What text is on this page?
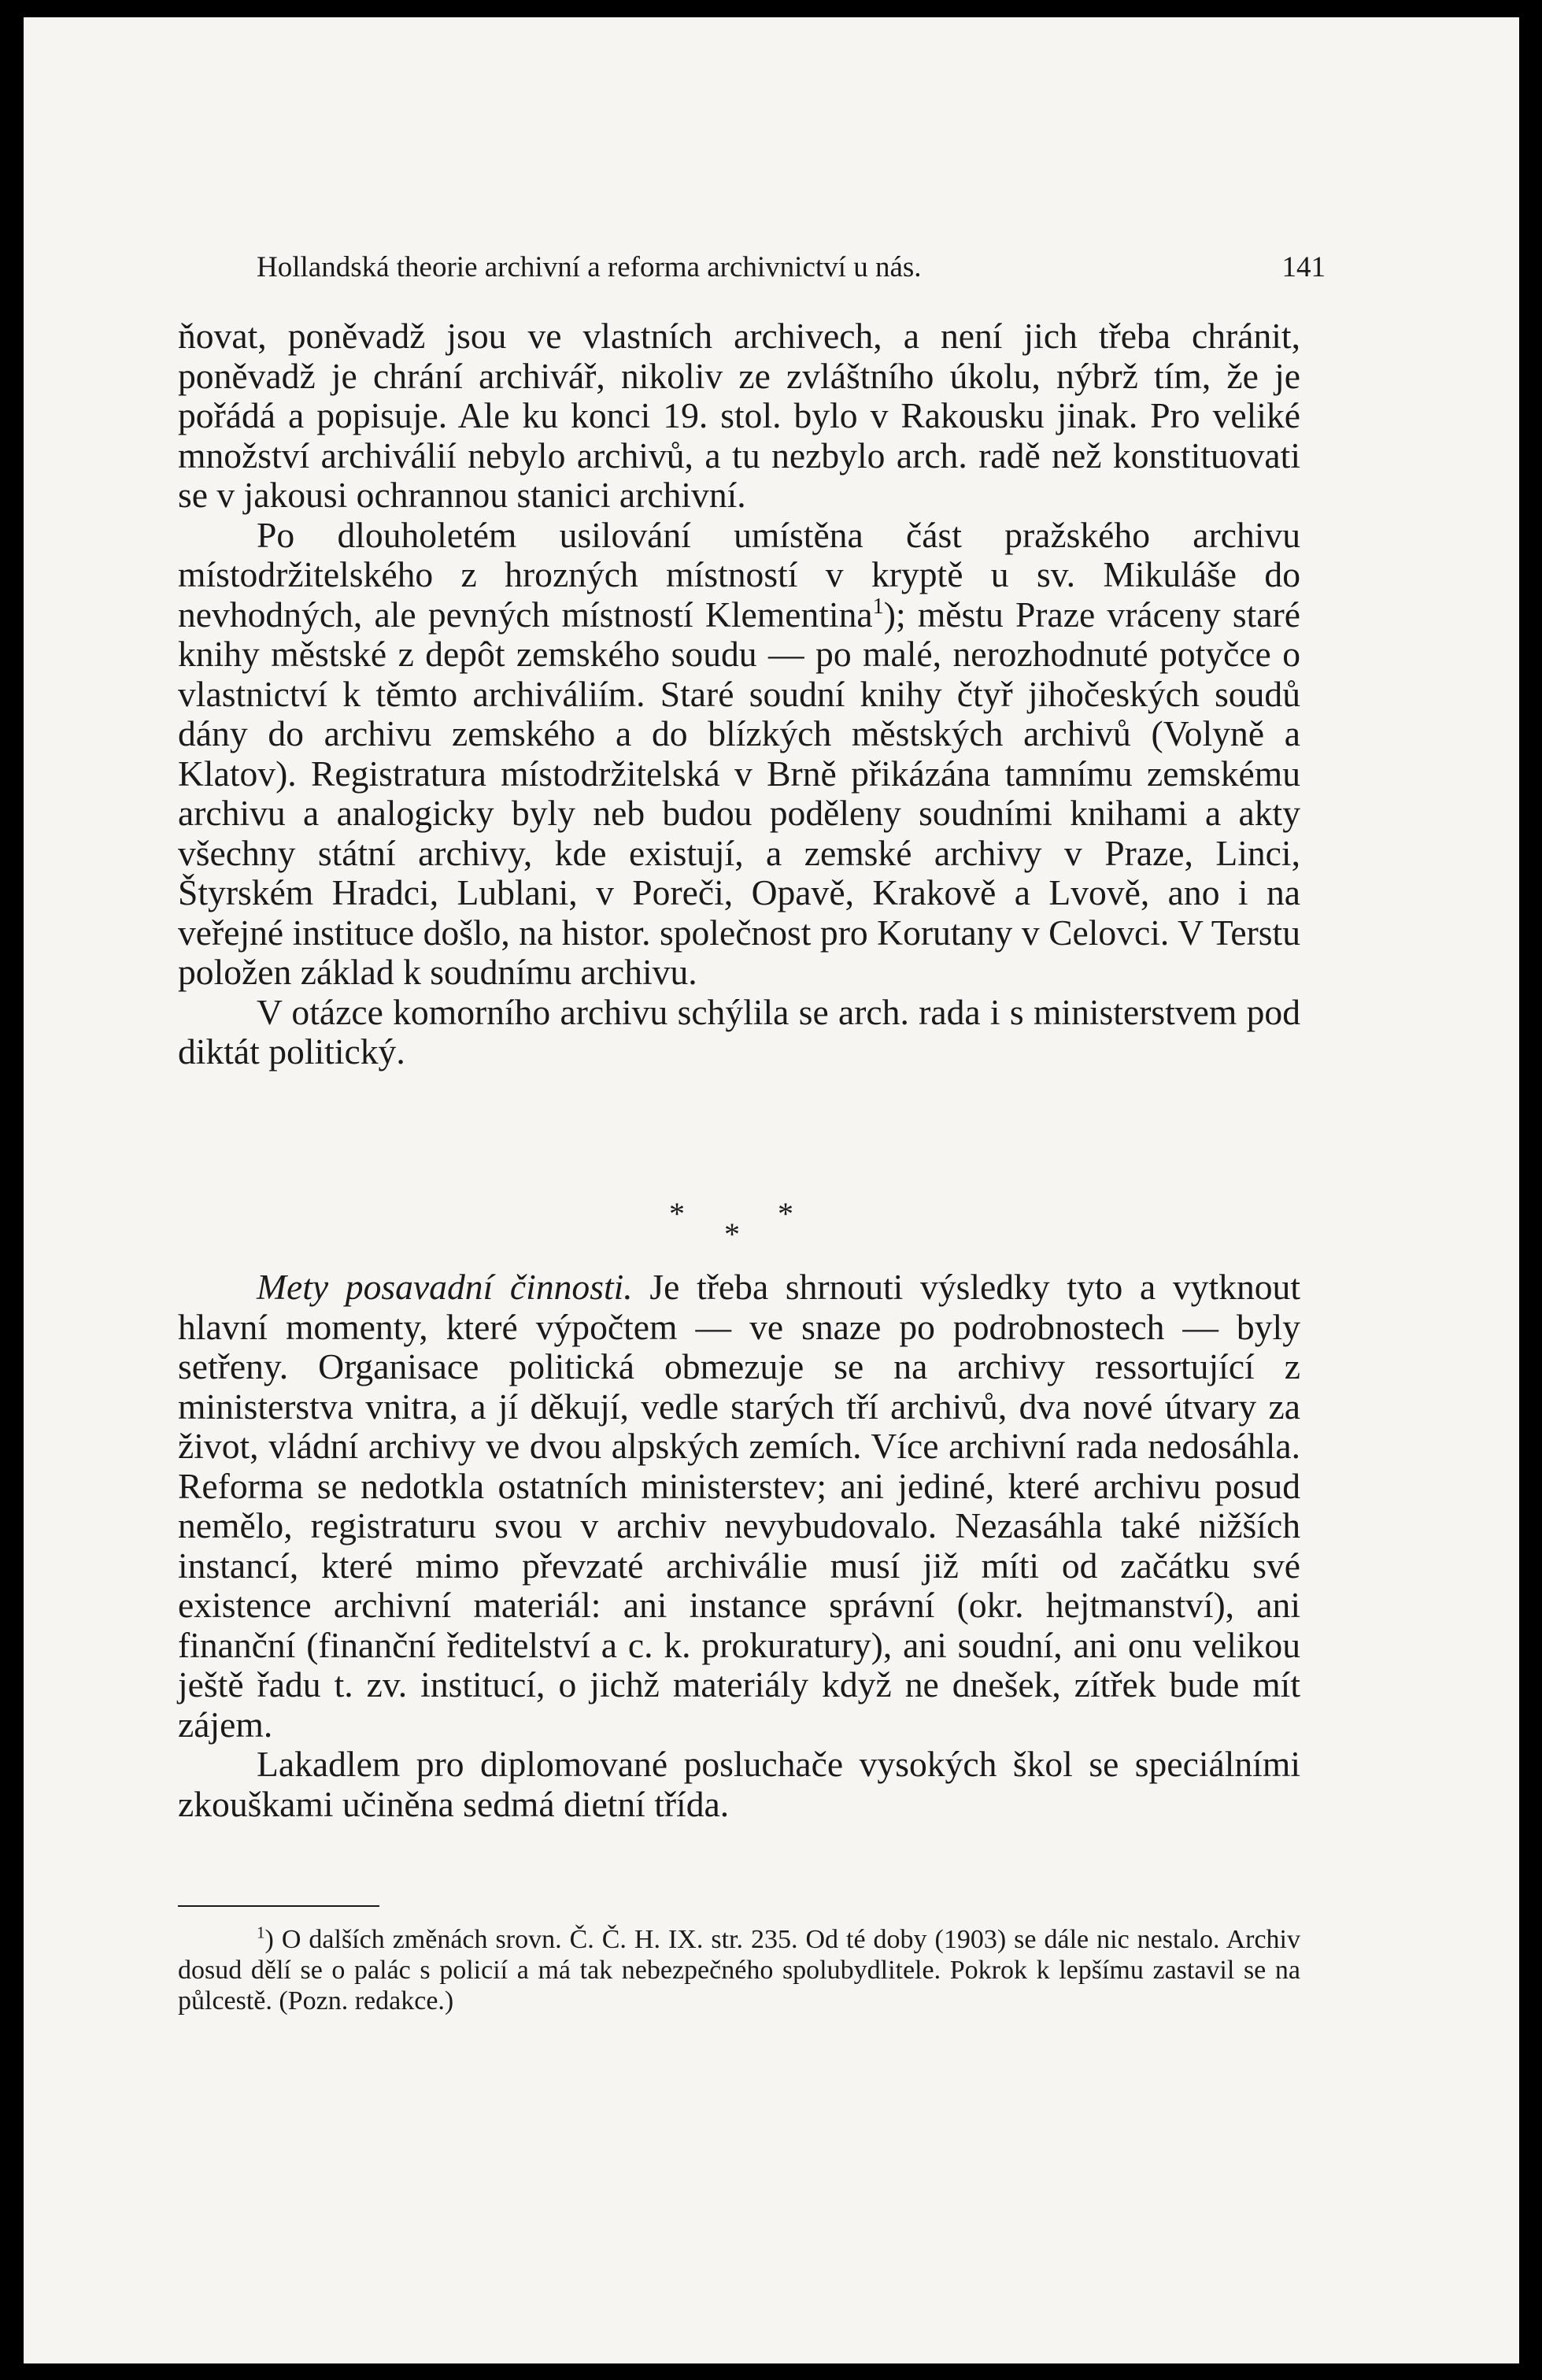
Hollandská theorie archivní a reforma archivnictví u nás.	141

ňovat, poněvadž jsou ve vlastních archivech, a není jich třeba chránit, poněvadž je chrání archivář, nikoliv ze zvláštního úkolu, nýbrž tím, že je pořádá a popisuje. Ale ku konci 19. stol. bylo v Rakousku jinak. Pro veliké množství archiválií nebylo archivů, a tu nezbylo arch. radě než konstituovati se v jakousi ochrannou stanici archivní.

Po dlouholetém usilování umístěna část pražského archivu místodržitelského z hrozných místností v kryptě u sv. Mikuláše do nevhodných, ale pevných místností Klementina$^1$); městu Praze vráceny staré knihy městské z depôt zemského soudu — po malé, nerozhodnuté potyčce o vlastnictví k těmto archiváliím. Staré soudní knihy čtyř jihočeských soudů dány do archivu zemského a do blízkých městských archivů (Volyně a Klatov). Registratura místodržitelská v Brně přikázána tamnímu zemskému archivu a analogicky byly neb budou poděleny soudními knihami a akty všechny státní archivy, kde existují, a zemské archivy v Praze, Linci, Štyrském Hradci, Lublani, v Poreči, Opavě, Krakově a Lvově, ano i na veřejné instituce došlo, na histor. společnost pro Korutany v Celovci. V Terstu položen základ k soudnímu archivu.

V otázce komorního archivu schýlila se arch. rada i s ministerstvem pod diktát politický.

*
*
*

Mety posavadní činnosti. Je třeba shrnouti výsledky tyto a vytknout hlavní momenty, které výpočtem — ve snaze po podrobnostech — byly setřeny. Organisace politická obmezuje se na archivy ressortující z ministerstva vnitra, a jí děkují, vedle starých tří archivů, dva nové útvary za život, vládní archivy ve dvou alpských zemích. Více archivní rada nedosáhla. Reforma se nedotkla ostatních ministerstev; ani jediné, které archivu posud nemělo, registraturu svou v archiv nevybudovalo. Nezasáhla také nižších instancí, které mimo převzaté archiválie musí již míti od začátku své existence archivní materiál: ani instance správní (okr. hejtmanství), ani finanční (finanční ředitelství a c. k. prokuratury), ani soudní, ani onu velikou ještě řadu t. zv. institucí, o jichž materiály když ne dnešek, zítřek bude mít zájem.

Lakadlem pro diplomované posluchače vysokých škol se speciálními zkouškami učiněna sedmá dietní třída.

$^1$) O dalších změnách srovn. Č. Č. H. IX. str. 235. Od té doby (1903) se dále nic nestalo. Archiv dosud dělí se o palác s policií a má tak nebezpečného spolubydlitele. Pokrok k lepšímu zastavil se na půlcestě. (Pozn. redakce.)
